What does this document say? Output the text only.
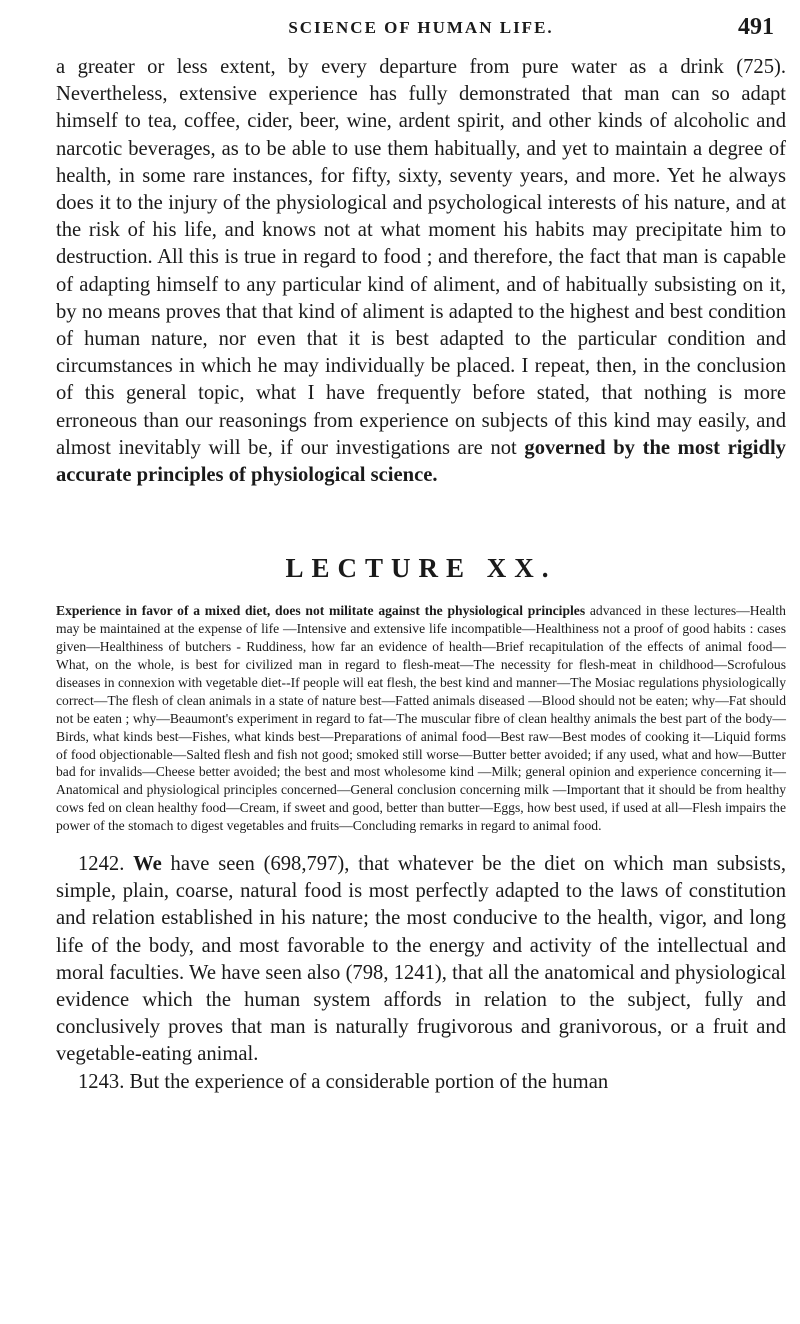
SCIENCE OF HUMAN LIFE.	491

a greater or less extent, by every departure from pure water as a drink (725). Nevertheless, extensive experience has fully demonstrated that man can so adapt himself to tea, coffee, cider, beer, wine, ardent spirit, and other kinds of alcoholic and narcotic beverages, as to be able to use them habitually, and yet to maintain a degree of health, in some rare instances, for fifty, sixty, seventy years, and more. Yet he always does it to the injury of the physiological and psychological interests of his nature, and at the risk of his life, and knows not at what moment his habits may precipitate him to destruction. All this is true in regard to food ; and therefore, the fact that man is capable of adapting himself to any particular kind of aliment, and of habitually subsisting on it, by no means proves that that kind of aliment is adapted to the highest and best condition of human nature, nor even that it is best adapted to the particular condition and circumstances in which he may individually be placed. I repeat, then, in the conclusion of this general topic, what I have frequently before stated, that nothing is more erroneous than our reasonings from experience on subjects of this kind may easily, and almost inevitably will be, if our investigations are not governed by the most rigidly accurate principles of physiological science.

LECTURE XX.

Experience in favor of a mixed diet, does not militate against the physiological principles advanced in these lectures—Health may be maintained at the expense of life —Intensive and extensive life incompatible—Healthiness not a proof of good habits : cases given—Healthiness of butchers - Ruddiness, how far an evidence of health—Brief recapitulation of the effects of animal food—What, on the whole, is best for civilized man in regard to flesh-meat—The necessity for flesh-meat in childhood—Scrofulous diseases in connexion with vegetable diet--If people will eat flesh, the best kind and manner—The Mosiac regulations physiologically correct—The flesh of clean animals in a state of nature best—Fatted animals diseased —Blood should not be eaten; why—Fat should not be eaten ; why—Beaumont's experiment in regard to fat—The muscular fibre of clean healthy animals the best part of the body—Birds, what kinds best—Fishes, what kinds best—Preparations of animal food—Best raw—Best modes of cooking it—Liquid forms of food objectionable—Salted flesh and fish not good; smoked still worse—Butter better avoided; if any used, what and how—Butter bad for invalids—Cheese better avoided; the best and most wholesome kind —Milk; general opinion and experience concerning it—Anatomical and physiological principles concerned—General conclusion concerning milk —Important that it should be from healthy cows fed on clean healthy food—Cream, if sweet and good, better than butter—Eggs, how best used, if used at all—Flesh impairs the power of the stomach to digest vegetables and fruits—Concluding remarks in regard to animal food.

1242. We have seen (698,797), that whatever be the diet on which man subsists, simple, plain, coarse, natural food is most perfectly adapted to the laws of constitution and relation established in his nature; the most conducive to the health, vigor, and long life of the body, and most favorable to the energy and activity of the intellectual and moral faculties. We have seen also (798, 1241), that all the anatomical and physiological evidence which the human system affords in relation to the subject, fully and conclusively proves that man is naturally frugivorous and granivorous, or a fruit and vegetable-eating animal.

1243. But the experience of a considerable portion of the human
